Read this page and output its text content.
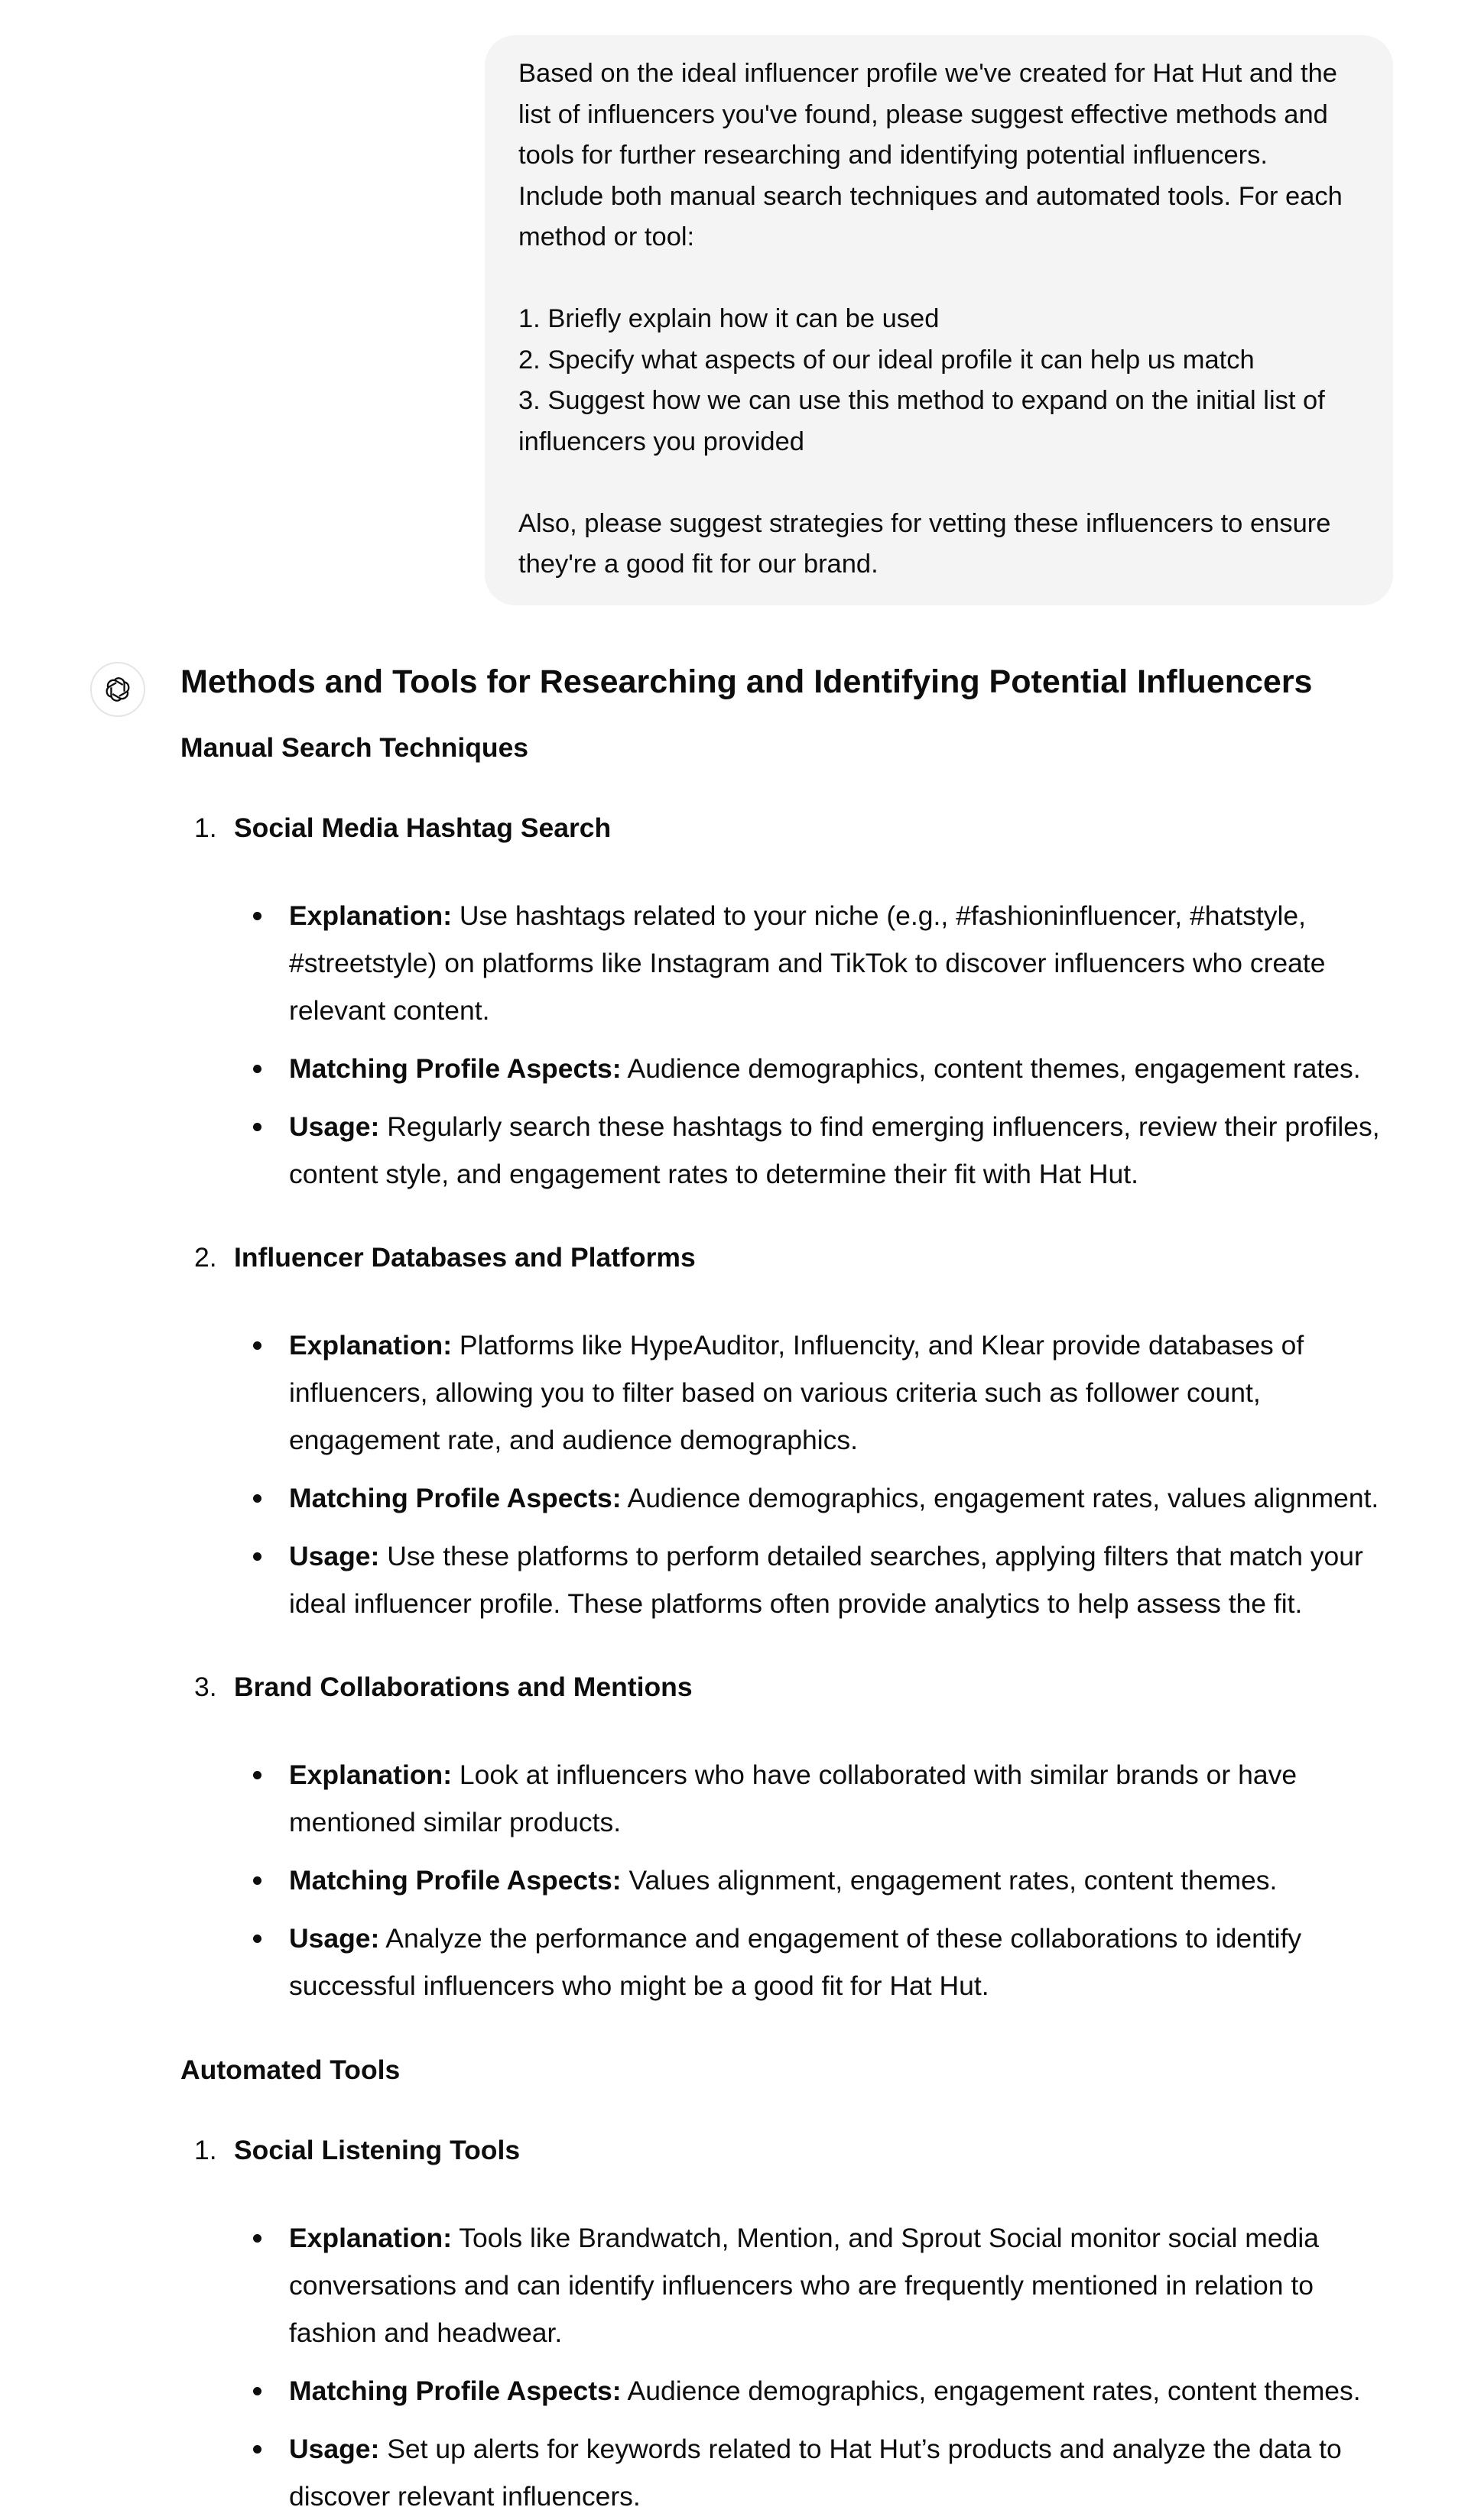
Based on the ideal influencer profile we've created for Hat Hut and the

list of influencers you've found, please suggest effective methods and

tools for further researching and identifying potential influencers.

Include both manual search techniques and automated tools. For each

method or tool:

1. Briefly explain how it can be used

2. Specify what aspects of our ideal profile it can help us match

3. Suggest how we can use this method to expand on the initial list of

influencers you provided

Also, please suggest strategies for vetting these influencers to ensure

they're a good fit for our brand.

Methods and Tools for Researching and Identifying Potential Influencers
Manual Search Techniques
1. Social Media Hashtag Search
Explanation: Use hashtags related to your niche (e.g., #fashioninfluencer, #hatstyle,
#streetstyle) on platforms like Instagram and TikTok to discover influencers who create
relevant content.
Matching Profile Aspects: Audience demographics, content themes, engagement rates.
Usage: Regularly search these hashtags to find emerging influencers, review their profiles,
content style, and engagement rates to determine their fit with Hat Hut.
2. Influencer Databases and Platforms
Explanation: Platforms like HypeAuditor, Influencity, and Klear provide databases of
influencers, allowing you to filter based on various criteria such as follower count,
engagement rate, and audience demographics.
Matching Profile Aspects: Audience demographics, engagement rates, values alignment.
Usage: Use these platforms to perform detailed searches, applying filters that match your
ideal influencer profile. These platforms often provide analytics to help assess the fit.
3. Brand Collaborations and Mentions
Explanation: Look at influencers who have collaborated with similar brands or have
mentioned similar products.
Matching Profile Aspects: Values alignment, engagement rates, content themes.
Usage: Analyze the performance and engagement of these collaborations to identify
successful influencers who might be a good fit for Hat Hut.
Automated Tools
1. Social Listening Tools
Explanation: Tools like Brandwatch, Mention, and Sprout Social monitor social media
conversations and can identify influencers who are frequently mentioned in relation to
fashion and headwear.
Matching Profile Aspects: Audience demographics, engagement rates, content themes.
Usage: Set up alerts for keywords related to Hat Hut’s products and analyze the data to
discover relevant influencers.
